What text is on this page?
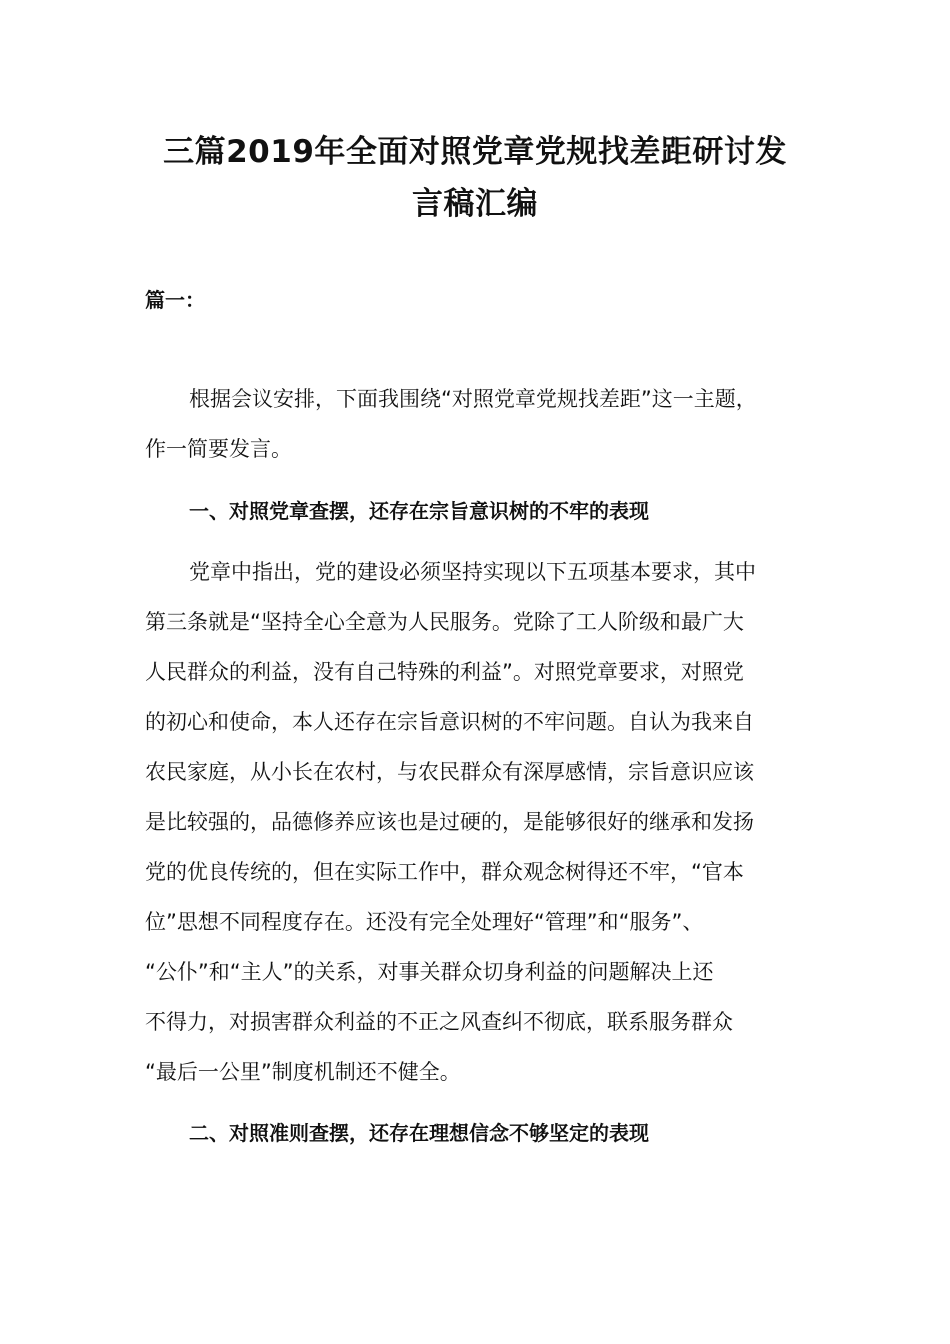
三篇2019年全面对照党章党规找差距研讨发
言稿汇编
篇一：
根据会议安排，下面我围绕“对照党章党规找差距”这一主题，
作一简要发言。
一、对照党章查摆，还存在宗旨意识树的不牢的表现
党章中指出，党的建设必须坚持实现以下五项基本要求，其中
第三条就是“坚持全心全意为人民服务。党除了工人阶级和最广大
人民群众的利益，没有自己特殊的利益”。对照党章要求，对照党
的初心和使命，本人还存在宗旨意识树的不牢问题。自认为我来自
农民家庭，从小长在农村，与农民群众有深厚感情，宗旨意识应该
是比较强的，品德修养应该也是过硬的，是能够很好的继承和发扬
党的优良传统的，但在实际工作中，群众观念树得还不牢，“官本
位”思想不同程度存在。还没有完全处理好“管理”和“服务”、
“公仆”和“主人”的关系，对事关群众切身利益的问题解决上还
不得力，对损害群众利益的不正之风查纠不彻底，联系服务群众
“最后一公里”制度机制还不健全。
二、对照准则查摆，还存在理想信念不够坚定的表现
